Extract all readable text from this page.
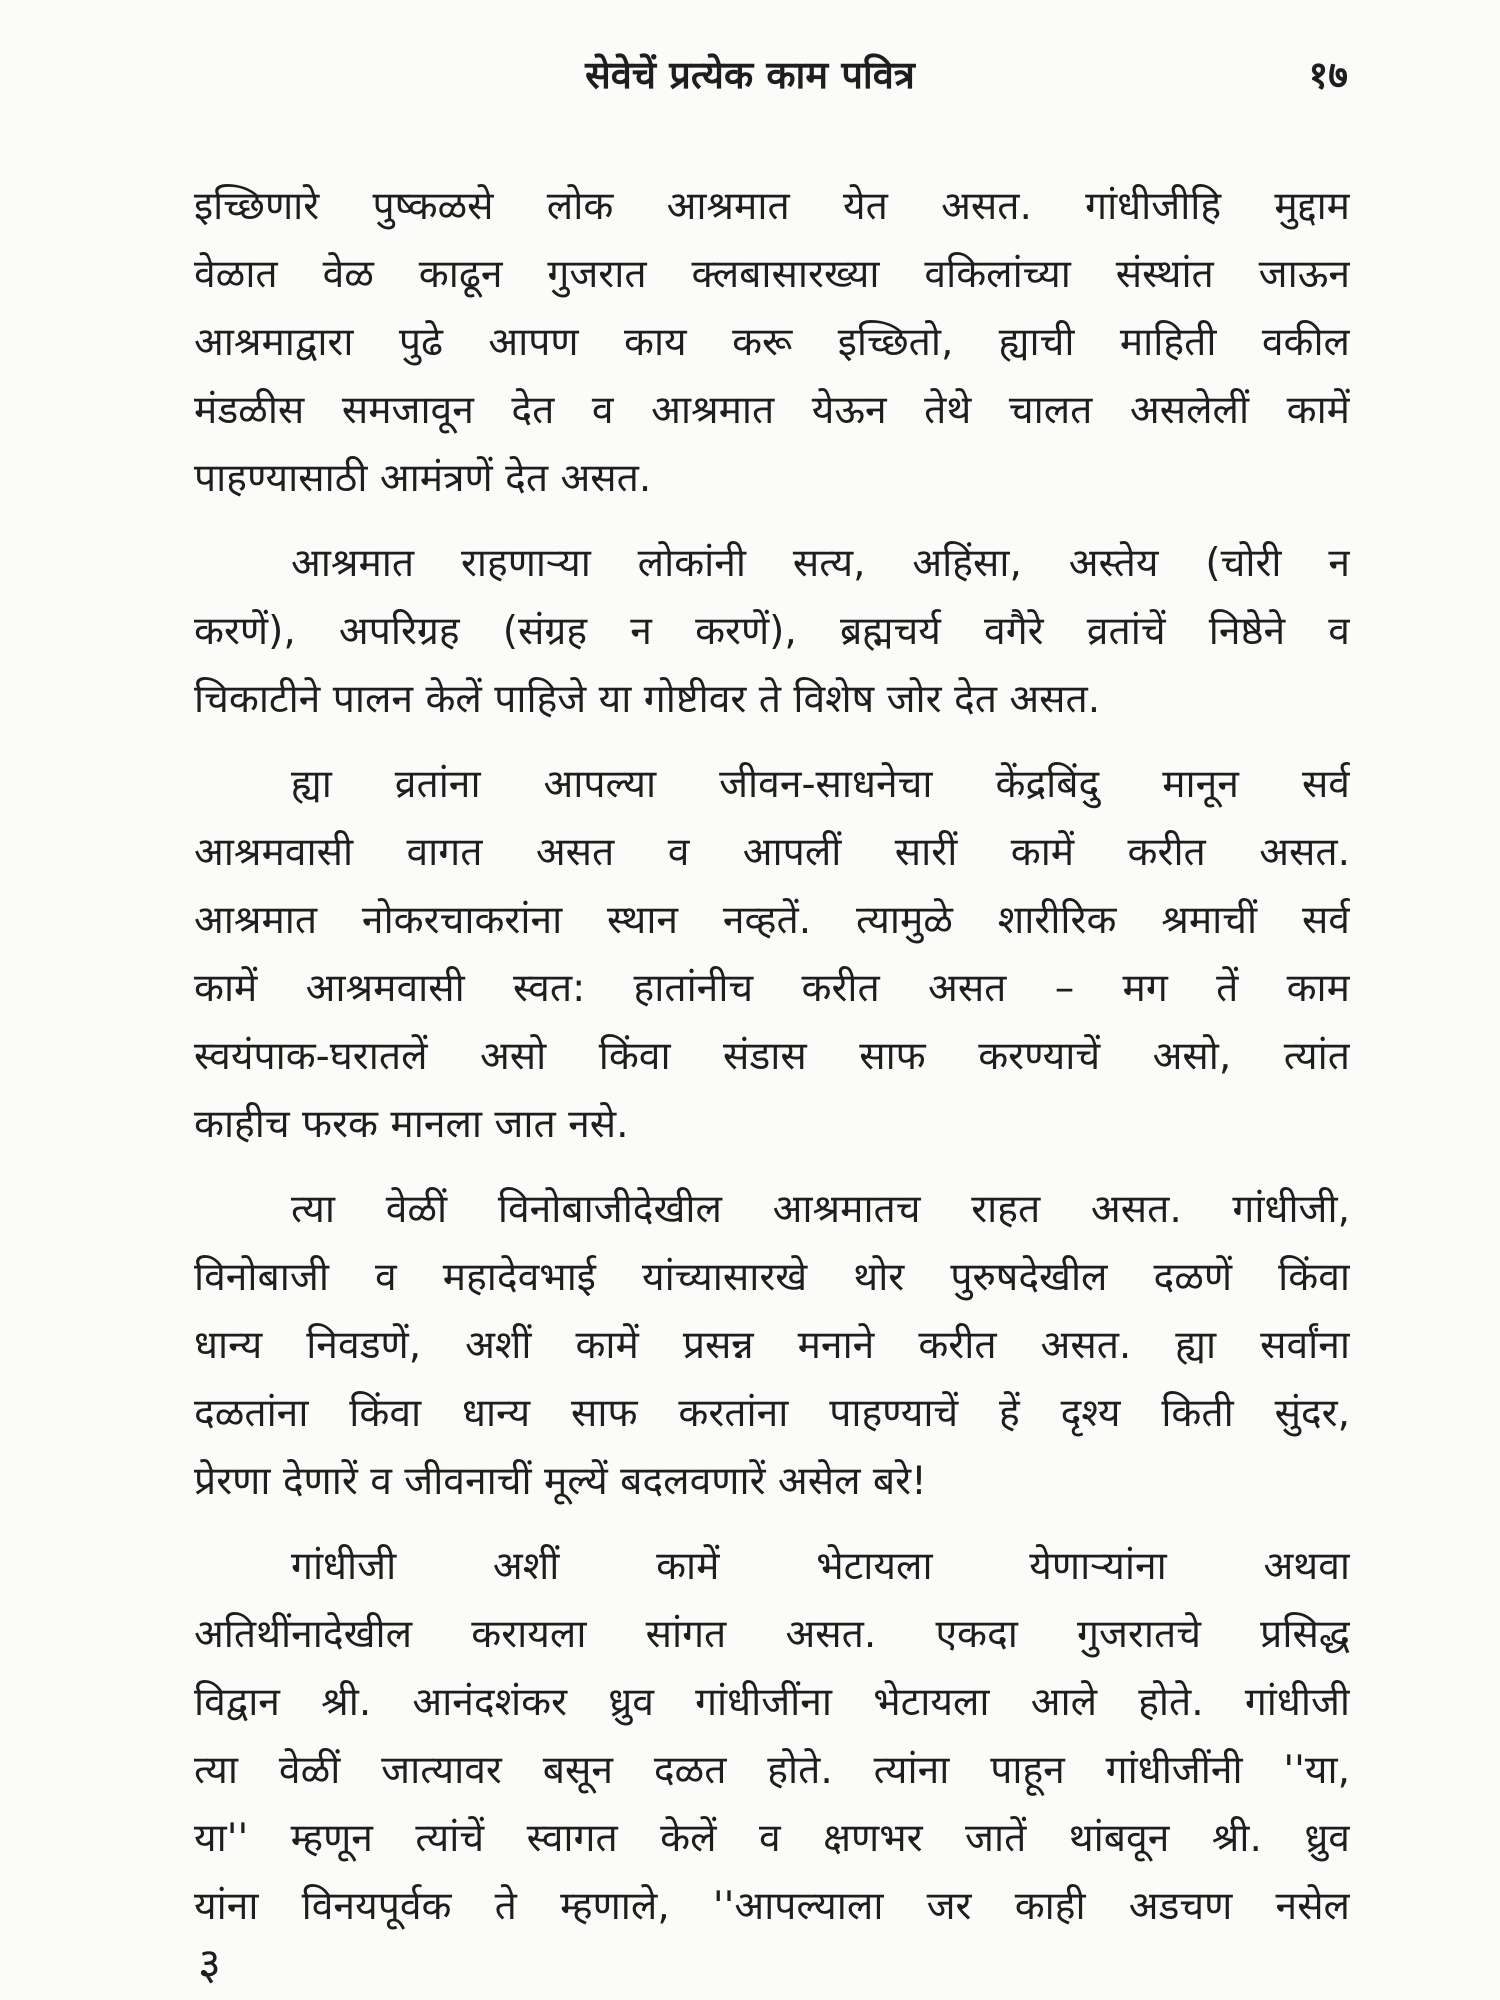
सेवेचें प्रत्येक काम पवित्र	१७
इच्छिणारे पुष्कळसे लोक आश्रमात येत असत. गांधीजीहि मुद्दाम
वेळात वेळ काढून गुजरात क्लबासारख्या वकिलांच्या संस्थांत जाऊन
आश्रमाद्वारा पुढे आपण काय करू इच्छितो, ह्याची माहिती वकील
मंडळीस समजावून देत व आश्रमात येऊन तेथे चालत असलेलीं कामें
पाहण्यासाठी आमंत्रणें देत असत.
आश्रमात राहणाऱ्या लोकांनी सत्य, अहिंसा, अस्तेय (चोरी न
करणें), अपरिग्रह (संग्रह न करणें), ब्रह्मचर्य वगैरे व्रतांचें निष्ठेने व
चिकाटीने पालन केलें पाहिजे या गोष्टीवर ते विशेष जोर देत असत.
ह्या व्रतांना आपल्या जीवन-साधनेचा केंद्रबिंदु मानून सर्व
आश्रमवासी वागत असत व आपलीं सारीं कामें करीत असत.
आश्रमात नोकरचाकरांना स्थान नव्हतें. त्यामुळे शारीरिक श्रमाचीं सर्व
कामें आश्रमवासी स्वत: हातांनीच करीत असत – मग तें काम
स्वयंपाक-घरातलें असो किंवा संडास साफ करण्याचें असो, त्यांत
काहीच फरक मानला जात नसे.
त्या वेळीं विनोबाजीदेखील आश्रमातच राहत असत. गांधीजी,
विनोबाजी व महादेवभाई यांच्यासारखे थोर पुरुषदेखील दळणें किंवा
धान्य निवडणें, अशीं कामें प्रसन्न मनाने करीत असत. ह्या सर्वांना
दळतांना किंवा धान्य साफ करतांना पाहण्याचें हें दृश्य किती सुंदर,
प्रेरणा देणारें व जीवनाचीं मूल्यें बदलवणारें असेल बरे!
गांधीजी अशीं कामें भेटायला येणाऱ्यांना अथवा
अतिथींनादेखील करायला सांगत असत. एकदा गुजरातचे प्रसिद्ध
विद्वान श्री. आनंदशंकर ध्रुव गांधीजींना भेटायला आले होते. गांधीजी
त्या वेळीं जात्यावर बसून दळत होते. त्यांना पाहून गांधीजींनी ''या,
या'' म्हणून त्यांचें स्वागत केलें व क्षणभर जातें थांबवून श्री. ध्रुव
यांना विनयपूर्वक ते म्हणाले, ''आपल्याला जर काही अडचण नसेल
३
